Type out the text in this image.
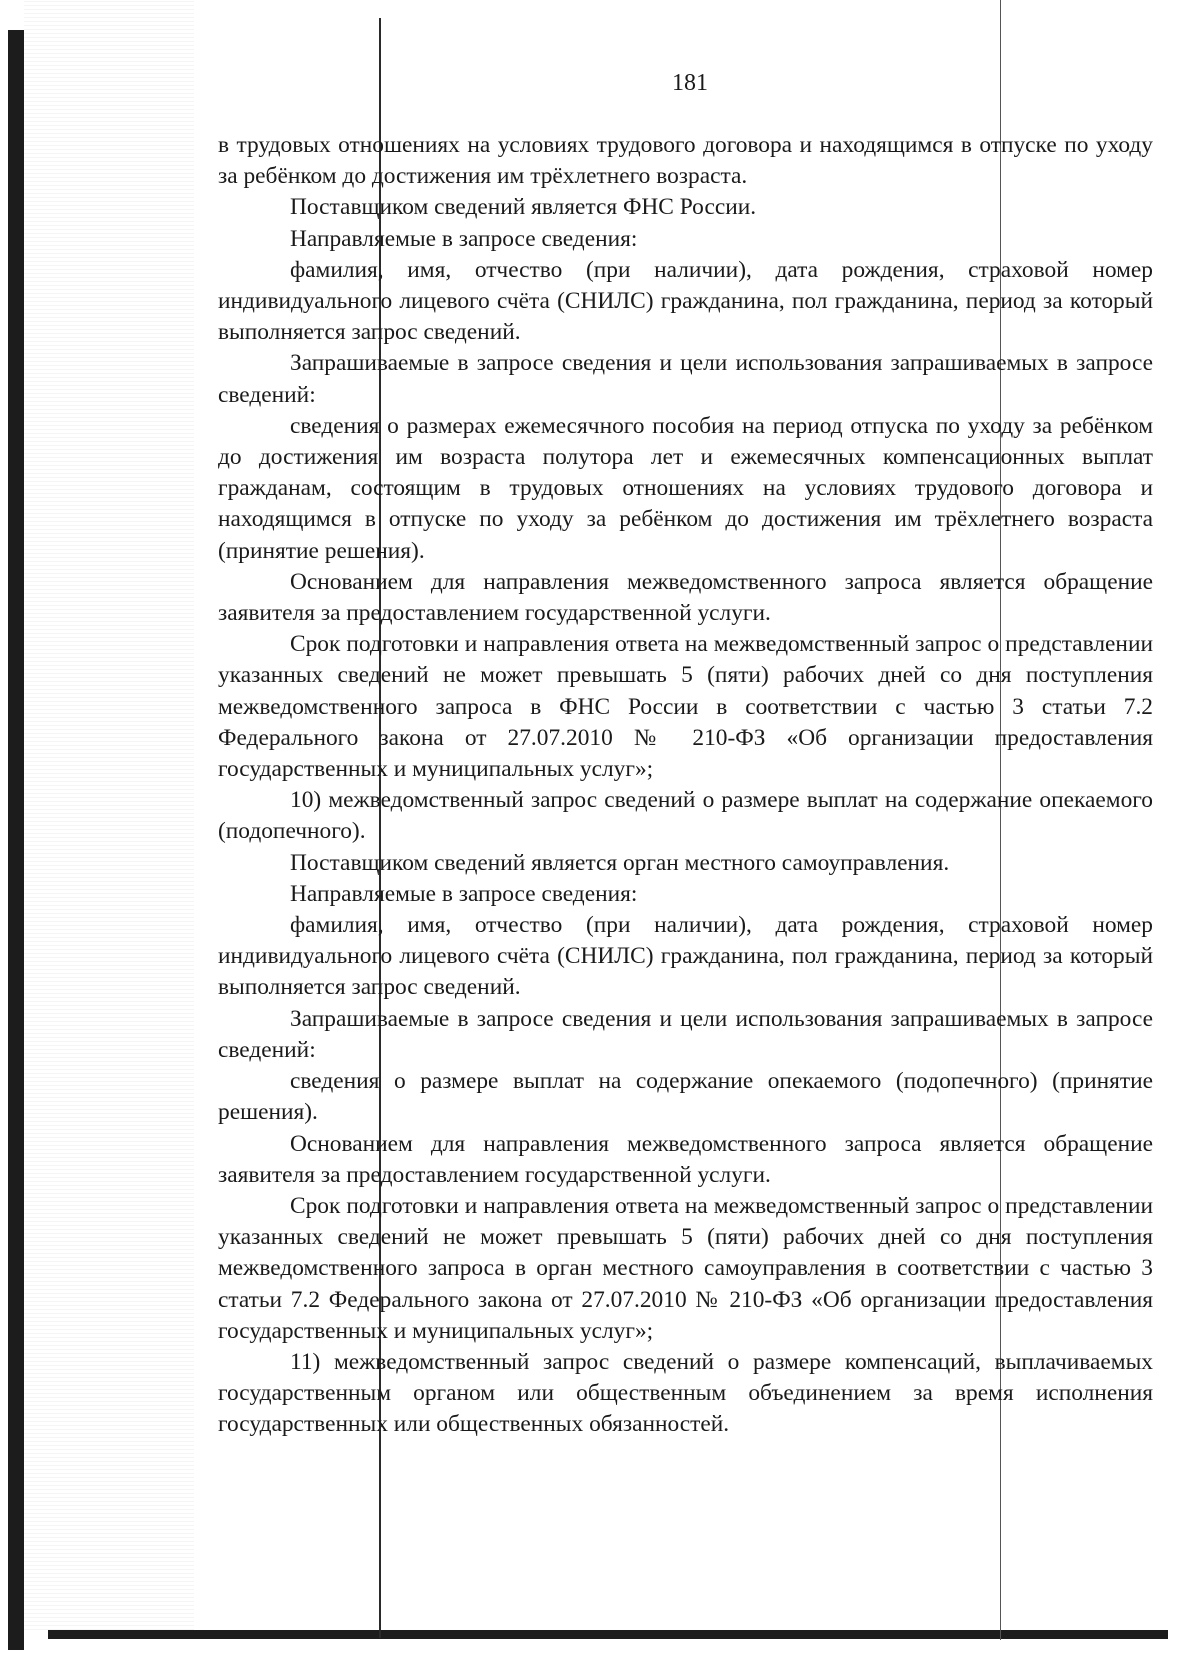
181

в трудовых отношениях на условиях трудового договора и находящимся в отпуске по уходу за ребёнком до достижения им трёхлетнего возраста.

Поставщиком сведений является ФНС России.

Направляемые в запросе сведения:

фамилия, имя, отчество (при наличии), дата рождения, страховой номер индивидуального лицевого счёта (СНИЛС) гражданина, пол гражданина, период за который выполняется запрос сведений.

Запрашиваемые в запросе сведения и цели использования запрашиваемых в запросе сведений:

сведения о размерах ежемесячного пособия на период отпуска по уходу за ребёнком до достижения им возраста полутора лет и ежемесячных компенсационных выплат гражданам, состоящим в трудовых отношениях на условиях трудового договора и находящимся в отпуске по уходу за ребёнком до достижения им трёхлетнего возраста (принятие решения).

Основанием для направления межведомственного запроса является обращение заявителя за предоставлением государственной услуги.

Срок подготовки и направления ответа на межведомственный запрос о представлении указанных сведений не может превышать 5 (пяти) рабочих дней со дня поступления межведомственного запроса в ФНС России в соответствии с частью 3 статьи 7.2 Федерального закона от 27.07.2010 № 210-ФЗ «Об организации предоставления государственных и муниципальных услуг»;

10) межведомственный запрос сведений о размере выплат на содержание опекаемого (подопечного).

Поставщиком сведений является орган местного самоуправления.

Направляемые в запросе сведения:

фамилия, имя, отчество (при наличии), дата рождения, страховой номер индивидуального лицевого счёта (СНИЛС) гражданина, пол гражданина, период за который выполняется запрос сведений.

Запрашиваемые в запросе сведения и цели использования запрашиваемых в запросе сведений:

сведения о размере выплат на содержание опекаемого (подопечного) (принятие решения).

Основанием для направления межведомственного запроса является обращение заявителя за предоставлением государственной услуги.

Срок подготовки и направления ответа на межведомственный запрос о представлении указанных сведений не может превышать 5 (пяти) рабочих дней со дня поступления межведомственного запроса в орган местного самоуправления в соответствии с частью 3 статьи 7.2 Федерального закона от 27.07.2010 № 210-ФЗ «Об организации предоставления государственных и муниципальных услуг»;

11) межведомственный запрос сведений о размере компенсаций, выплачиваемых государственным органом или общественным объединением за время исполнения государственных или общественных обязанностей.
